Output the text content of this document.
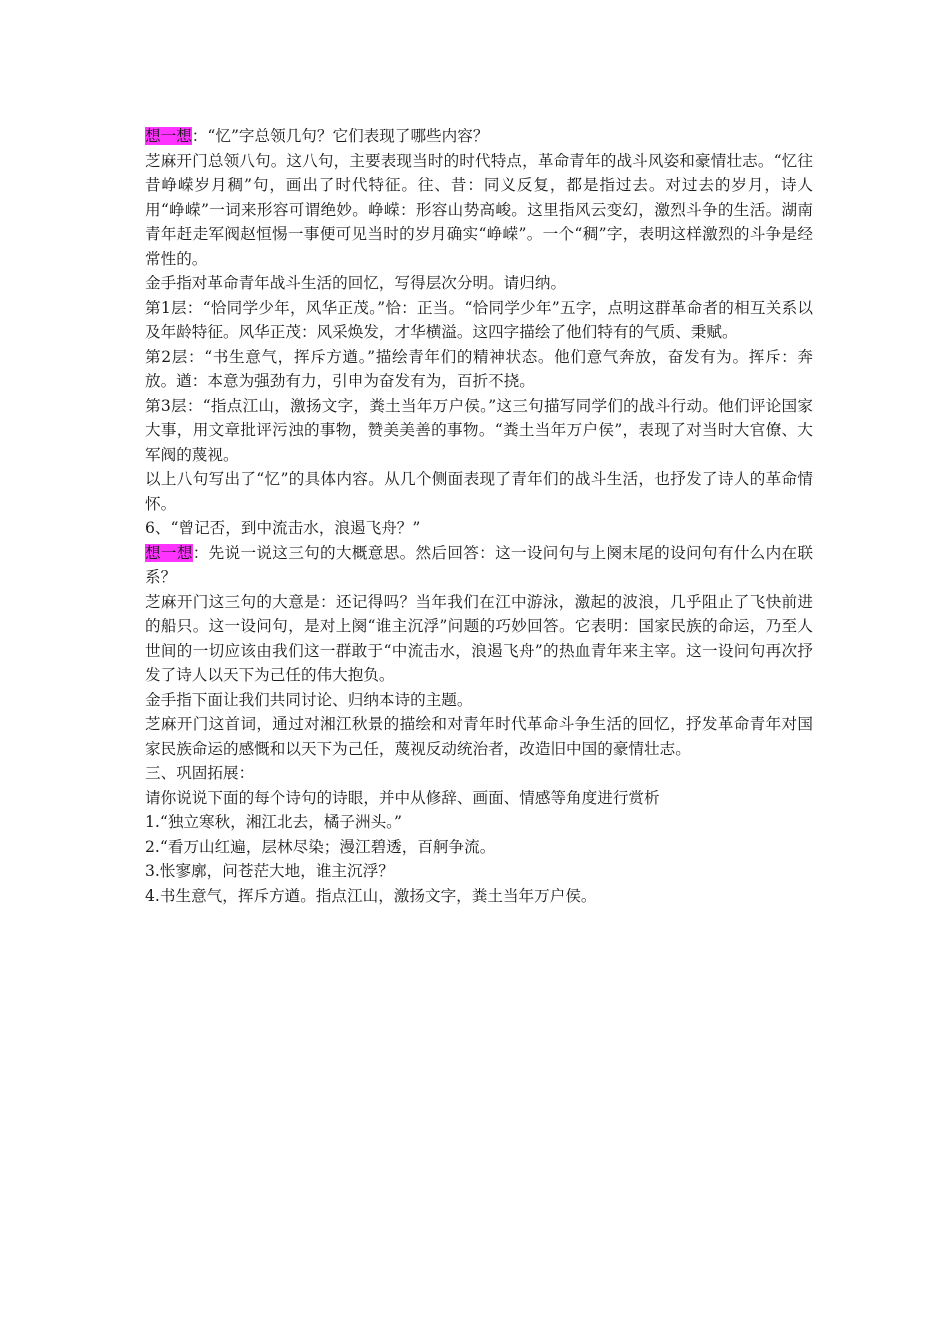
想一想：“忆”字总领几句？它们表现了哪些内容？

芝麻开门总领八句。这八句，主要表现当时的时代特点，革命青年的战斗风姿和豪情壮志。“忆往昔峥嵘岁月稠”句，画出了时代特征。往、昔：同义反复，都是指过去。对过去的岁月，诗人用“峥嵘”一词来形容可谓绝妙。峥嵘：形容山势高峻。这里指风云变幻，激烈斗争的生活。湖南青年赶走军阀赵恒惕一事便可见当时的岁月确实“峥嵘”。一个“稠”字，表明这样激烈的斗争是经常性的。

金手指对革命青年战斗生活的回忆，写得层次分明。请归纳。

第1层：“恰同学少年，风华正茂。”恰：正当。“恰同学少年”五字，点明这群革命者的相互关系以及年龄特征。风华正茂：风采焕发，才华横溢。这四字描绘了他们特有的气质、秉赋。

第2层：“书生意气，挥斥方遒。”描绘青年们的精神状态。他们意气奔放，奋发有为。挥斥：奔放。遒：本意为强劲有力，引申为奋发有为，百折不挠。

第3层：“指点江山，激扬文字，粪土当年万户侯。”这三句描写同学们的战斗行动。他们评论国家大事，用文章批评污浊的事物，赞美美善的事物。“粪土当年万户侯”，表现了对当时大官僚、大军阀的蔑视。

以上八句写出了“忆”的具体内容。从几个侧面表现了青年们的战斗生活，也抒发了诗人的革命情怀。

6、“曾记否，到中流击水，浪遏飞舟？”

想一想：先说一说这三句的大概意思。然后回答：这一设问句与上阕末尾的设问句有什么内在联系？

芝麻开门这三句的大意是：还记得吗？当年我们在江中游泳，激起的波浪，几乎阻止了飞快前进的船只。这一设问句，是对上阕“谁主沉浮”问题的巧妙回答。它表明：国家民族的命运，乃至人世间的一切应该由我们这一群敢于“中流击水，浪遏飞舟”的热血青年来主宰。这一设问句再次抒发了诗人以天下为己任的伟大抱负。

金手指下面让我们共同讨论、归纳本诗的主题。

芝麻开门这首词，通过对湘江秋景的描绘和对青年时代革命斗争生活的回忆，抒发革命青年对国家民族命运的感慨和以天下为己任，蔑视反动统治者，改造旧中国的豪情壮志。

三、巩固拓展：

请你说说下面的每个诗句的诗眼，并中从修辞、画面、情感等角度进行赏析

1.“独立寒秋，湘江北去，橘子洲头。”

2.“看万山红遍，层林尽染；漫江碧透，百舸争流。

3.怅寥廓，问苍茫大地，谁主沉浮？

4.书生意气，挥斥方遒。指点江山，激扬文字，粪土当年万户侯。
